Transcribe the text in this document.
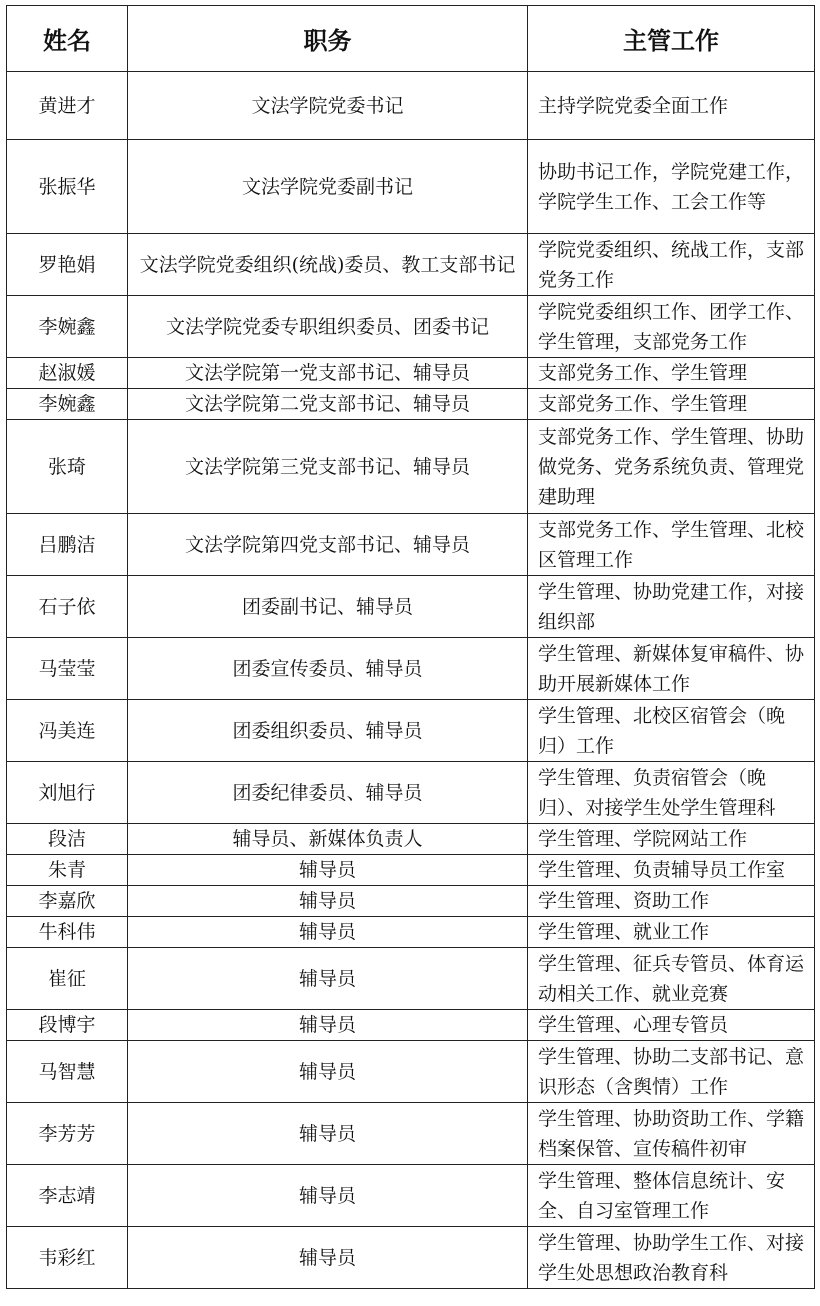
姓名	职务	主管工作
黄进才	文法学院党委书记	主持学院党委全面工作
张振华	文法学院党委副书记	协助书记工作，学院党建工作，学院学生工作、工会工作等
罗艳娟	文法学院党委组织(统战)委员、教工支部书记	学院党委组织、统战工作，支部党务工作
李婉鑫	文法学院党委专职组织委员、团委书记	学院党委组织工作、团学工作、学生管理，支部党务工作
赵淑媛	文法学院第一党支部书记、辅导员	支部党务工作、学生管理
李婉鑫	文法学院第二党支部书记、辅导员	支部党务工作、学生管理
张琦	文法学院第三党支部书记、辅导员	支部党务工作、学生管理、协助做党务、党务系统负责、管理党建助理
吕鹏洁	文法学院第四党支部书记、辅导员	支部党务工作、学生管理、北校区管理工作
石子依	团委副书记、辅导员	学生管理、协助党建工作，对接组织部
马莹莹	团委宣传委员、辅导员	学生管理、新媒体复审稿件、协助开展新媒体工作
冯美连	团委组织委员、辅导员	学生管理、北校区宿管会（晚归）工作
刘旭行	团委纪律委员、辅导员	学生管理、负责宿管会（晚归）、对接学生处学生管理科
段洁	辅导员、新媒体负责人	学生管理、学院网站工作
朱青	辅导员	学生管理、负责辅导员工作室
李嘉欣	辅导员	学生管理、资助工作
牛科伟	辅导员	学生管理、就业工作
崔征	辅导员	学生管理、征兵专管员、体育运动相关工作、就业竞赛
段博宇	辅导员	学生管理、心理专管员
马智慧	辅导员	学生管理、协助二支部书记、意识形态（含舆情）工作
李芳芳	辅导员	学生管理、协助资助工作、学籍档案保管、宣传稿件初审
李志靖	辅导员	学生管理、整体信息统计、安全、自习室管理工作
韦彩红	辅导员	学生管理、协助学生工作、对接学生处思想政治教育科
